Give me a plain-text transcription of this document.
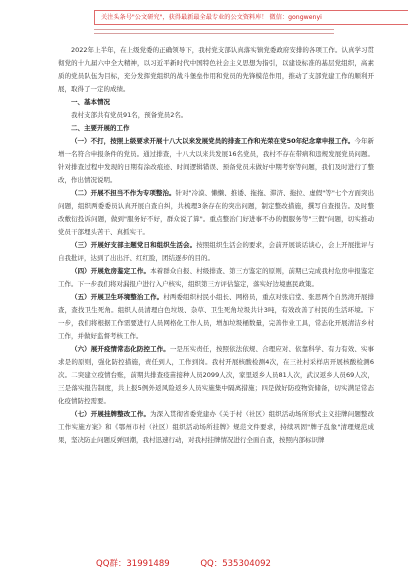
关注头条号"公文研究"，获得最新最全最专业的公文资料库！ 微信：gongwenyi

2022年上半年，在上级党委的正确领导下，我村党支部认真落实镇党委政府安排的各项工作。认真学习贯彻党的十九届六中全大精神，以习近平新时代中国特色社会主义思想为指引，以建设标准的基层党组织，高素质的党员队伍为目标，充分发挥党组织的战斗堡垒作用和党员的先锋模范作用，推动了支部党建工作的顺利开展，取得了一定的成绩。

一、基本情况

我村支部共有党员91名，预备党员2名。

二、主要开展的工作

（一）不打，按照上级要求开展十八大以来发展党员的排查工作和光荣在党50年纪念章申报工作。今年新增一名符合申报条件的党员。通过排查，十八大以来共发展16名党员，我村不存在带病和违规发展党员问题。针对排查过程中发现的日期有涂改痕迹、时间逻辑错误、预备党员未做好中期考察等问题，我们及时进行了整改，作出情况说明。

（二）开展不担当不作为专项整治。针对"冷漠、懒懒、推诿、拖拖、滞济、拖拉、虚假"等"七个方面突出问题，组织两委委员认真开展自查自纠，共梳理3条存在的突出问题，制定整改措施，撰写自查报告。及时整改敷衍投诉问题，做到"服务好不好，群众说了算"。重点整治门好进事不办的假服务等"三假"问题，切实推动党员干部埋头苦干、真抓实干。

（三）开展好支部主题党日和组织生活会。按照组织生活会的要求，会前开展谈话谈心，会上开展批评与自我批评，达到了出出汗、红红脸，团结逐步的目的。

（四）开展危房鉴定工作。本着群众自报、村级排查、第三方鉴定的原则，前期已完成我村危房申报鉴定工作。下一步我们将对漏报户进行入户核实，组织第三方评估鉴定，落实好边境惠民政策。

（五）开展卫生环境整治工作。村两委组织村民小组长、网格员，重点对张启堂、张思两个自然湾开展排查，查找卫生死角。组织人员清理白色垃圾、杂草、卫生死角垃圾共计3吨，有效改善了村民的生活环境。下一步，我们将根据工作需要进行人员网格化工作人员，增加垃圾桶数量，完善作业工具，常态化开展清洁乡村工作，并做好监督考核工作。

（六）展开疫情常态化防控工作。一是压实责任，按照依法依规、合理应对、依靠科学、有力有效、实事求是的原则，强化防控措施，责任到人，工作到岗。我村开展核酸检测4次，在三社村采样店开展核酸检测6次。二突建立疫情台账，前期共排查疫苗接种人员2099人次，家里返乡人员81人次，武汉返乡人员69人次，三是落实报告制度，共上报5例外返风险返乡人员实施集中隔离措施；四是做好防疫物资储备，切实满足常态化疫情防控需要。

（七）开展挂牌整改工作。为深入贯彻省委党建办《关于村（社区）组织活动场所形式主义挂牌问题整改工作实施方案》和《鄂州市村（社区）组织活动场所挂牌》规范文件要求，持续巩固"牌子乱象"清理规范成果，坚决防止问题反弹回潮，我村迅速行动，对我村挂牌情况进行全面自查，按照内部标识牌

QQ群：31991489	QQ：535304092
